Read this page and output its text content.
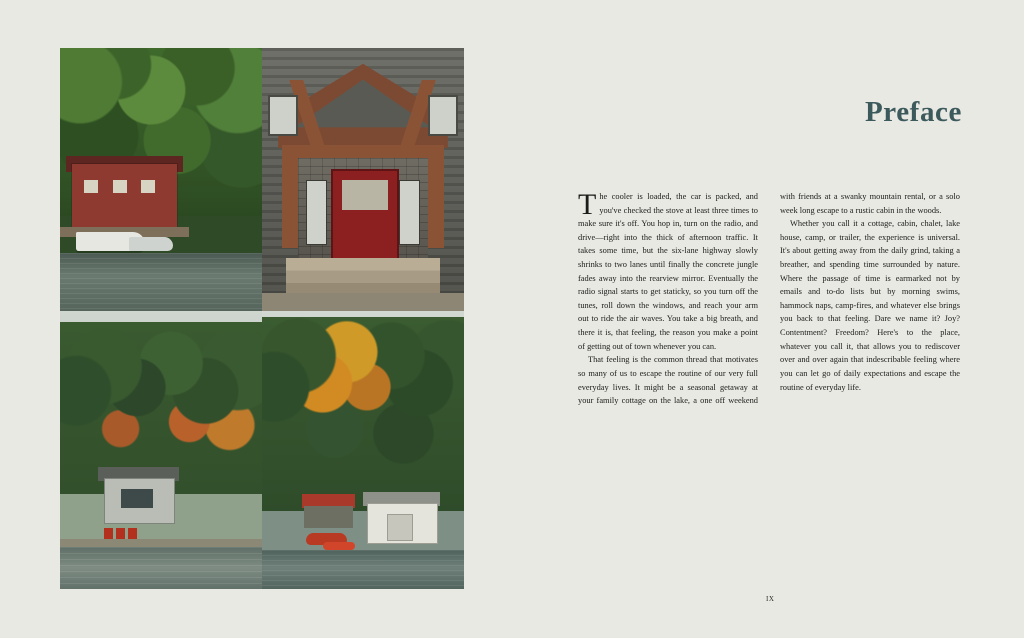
Preface

The cooler is loaded, the car is packed, and you've checked the stove at least three times to make sure it's off. You hop in, turn on the radio, and drive—right into the thick of afternoon traffic. It takes some time, but the six-lane highway slowly shrinks to two lanes until finally the concrete jungle fades away into the rearview mirror. Eventually the radio signal starts to get staticky, so you turn off the tunes, roll down the windows, and reach your arm out to ride the air waves. You take a big breath, and there it is, that feeling, the reason you make a point of getting out of town whenever you can.

That feeling is the common thread that motivates so many of us to escape the routine of our very full everyday lives. It might be a seasonal getaway at your family cottage on the lake, a one off weekend with friends at a swanky mountain rental, or a solo week long escape to a rustic cabin in the woods.

Whether you call it a cottage, cabin, chalet, lake house, camp, or trailer, the experience is universal. It's about getting away from the daily grind, taking a breather, and spending time surrounded by nature. Where the passage of time is earmarked not by emails and to-do lists but by morning swims, hammock naps, camp-fires, and whatever else brings you back to that feeling. Dare we name it? Joy? Contentment? Freedom? Here's to the place, whatever you call it, that allows you to rediscover over and over again that indescribable feeling where you can let go of daily expectations and escape the routine of everyday life.

IX
